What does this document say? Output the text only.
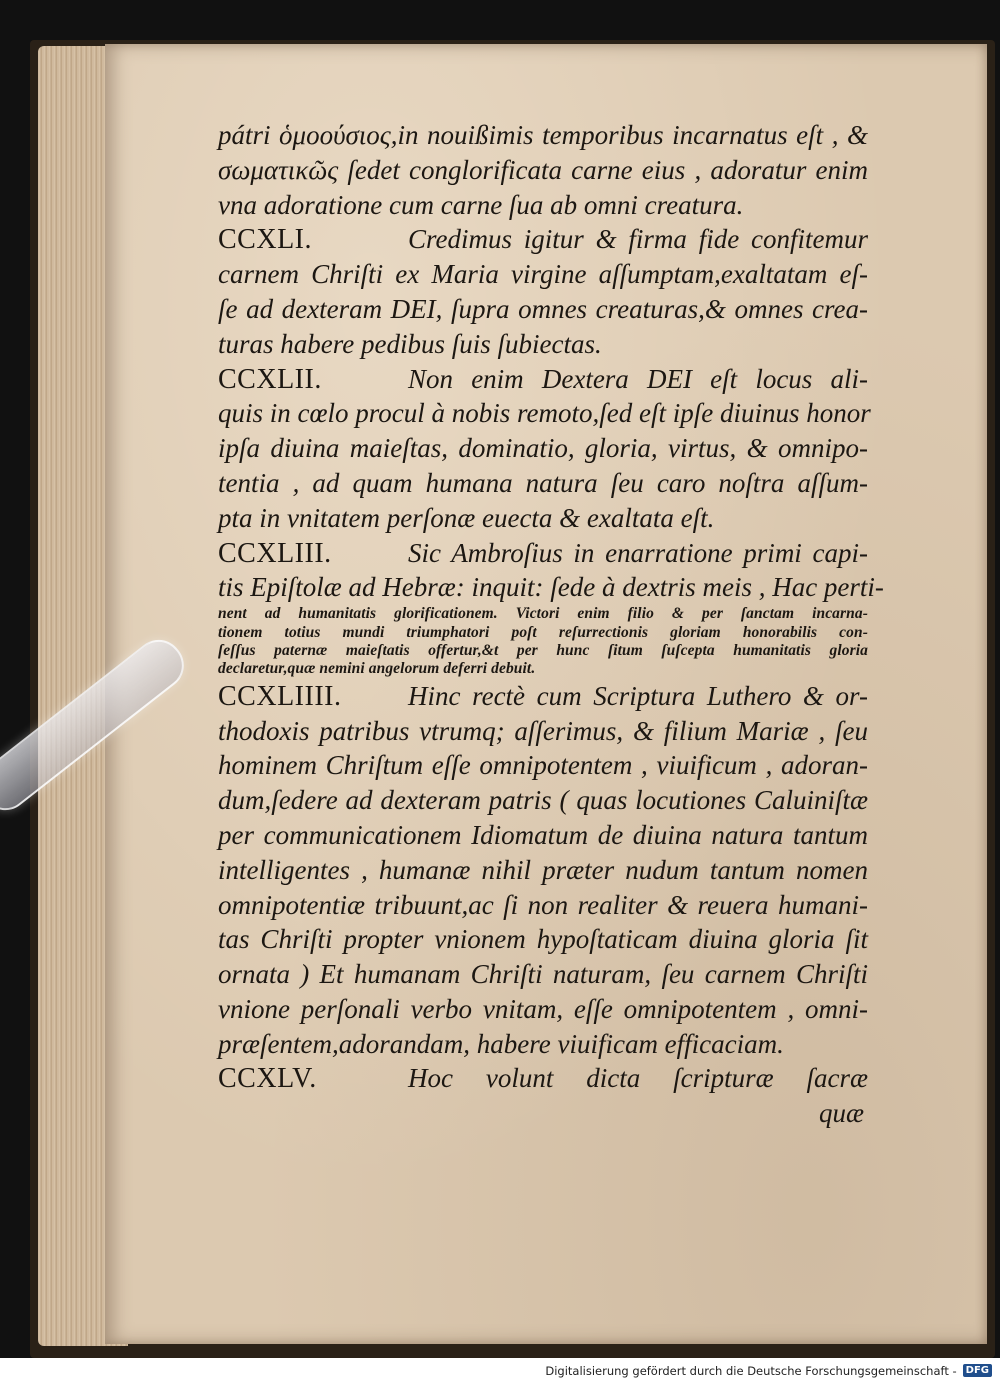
pátri ὁμοούσιος,in nouißimis temporibus incarnatus eſt , &
σωματικῶς ſedet conglorificata carne eius , adoratur enim
vna adoratione cum carne ſua ab omni creatura.
CCXLI.	Credimus igitur & firma fide confitemur
carnem Chriſti ex Maria virgine aſſumptam,exaltatam eſ-
ſe ad dexteram DEI, ſupra omnes creaturas,& omnes crea-
turas habere pedibus ſuis ſubiectas.
CCXLII.	Non enim Dextera DEI eſt locus ali-
quis in cœlo procul à nobis remoto,ſed eſt ipſe diuinus honor
ipſa diuina maieſtas, dominatio, gloria, virtus, & omnipo-
tentia , ad quam humana natura ſeu caro noſtra aſſum-
pta in vnitatem perſonæ euecta & exaltata eſt.
CCXLIII.	Sic Ambroſius in enarratione primi capi-
tis Epiſtolæ ad Hebræ: inquit: ſede à dextris meis , Hac perti-
nent ad humanitatis glorificationem. Victori enim filio & per ſanctam incarna-
tionem totius mundi triumphatori poſt reſurrectionis gloriam honorabilis con-
ſeſſus paternæ maieſtatis offertur,&t per hunc ſitum ſuſcepta humanitatis gloria
declaretur,quæ nemini angelorum deferri debuit.
CCXLIIII.	Hinc rectè cum Scriptura Luthero & or-
thodoxis patribus vtrumq; aſſerimus, & filium Mariæ , ſeu
hominem Chriſtum eſſe omnipotentem , viuificum , adoran-
dum,ſedere ad dexteram patris ( quas locutiones Caluiniſtæ
per communicationem Idiomatum de diuina natura tantum
intelligentes , humanæ nihil præter nudum tantum nomen
omnipotentiæ tribuunt,ac ſi non realiter & reuera humani-
tas Chriſti propter vnionem hypoſtaticam diuina gloria ſit
ornata ) Et humanam Chriſti naturam, ſeu carnem Chriſti
vnione perſonali verbo vnitam, eſſe omnipotentem , omni-
præſentem,adorandam, habere viuificam efficaciam.
CCXLV.	Hoc volunt dicta ſcripturæ ſacræ
quæ
Digitalisierung gefördert durch die Deutsche Forschungsgemeinschaft - DFG
